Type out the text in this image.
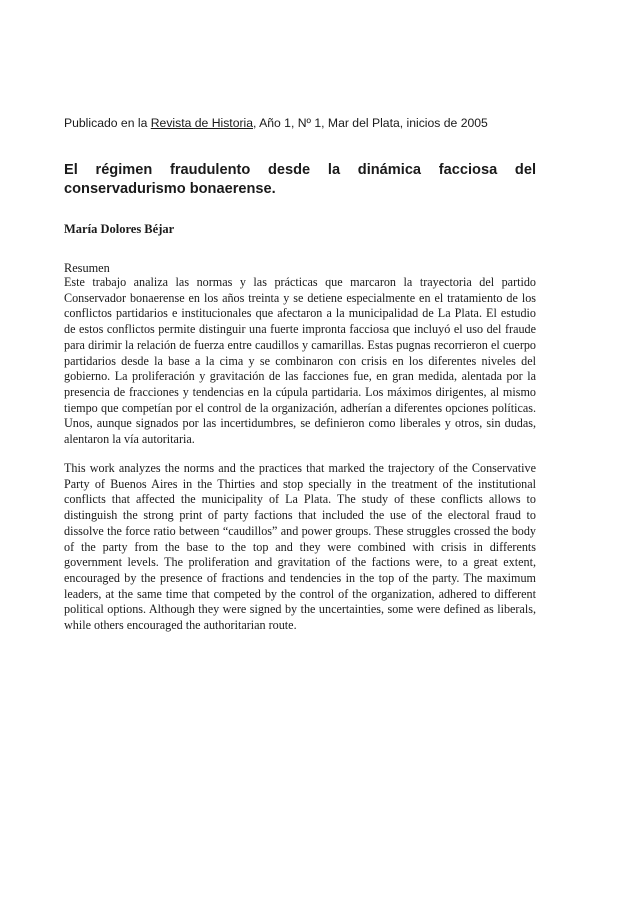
Publicado en la Revista de Historia, Año 1, Nº 1, Mar del Plata, inicios de 2005
El régimen fraudulento desde la dinámica facciosa del conservadurismo bonaerense.
María Dolores Béjar
Resumen

Este trabajo analiza las normas y las prácticas que marcaron la trayectoria del partido Conservador bonaerense en los años treinta y se detiene especialmente en el tratamiento de los conflictos partidarios e institucionales que afectaron a la municipalidad de La Plata. El estudio de estos conflictos permite distinguir una fuerte impronta facciosa que incluyó el uso del fraude para dirimir la relación de fuerza entre caudillos y camarillas. Estas pugnas recorrieron el cuerpo partidarios desde la base a la cima y se combinaron con crisis en los diferentes niveles del gobierno. La proliferación y gravitación de las facciones fue, en gran medida, alentada por la presencia de fracciones y tendencias en la cúpula partidaria. Los máximos dirigentes, al mismo tiempo que competían por el control de la organización, adherían a diferentes opciones políticas. Unos, aunque signados por las incertidumbres, se definieron como liberales y otros, sin dudas, alentaron la vía autoritaria.

This work analyzes the norms and the practices that marked the trajectory of the Conservative Party of Buenos Aires in the Thirties and stop specially in the treatment of the institutional conflicts that affected the municipality of La Plata. The study of these conflicts allows to distinguish the strong print of party factions that included the use of the electoral fraud to dissolve the force ratio between “caudillos” and power groups. These struggles crossed the body of the party from the base to the top and they were combined with crisis in differents government levels. The proliferation and gravitation of the factions were, to a great extent, encouraged by the presence of fractions and tendencies in the top of the party. The maximum leaders, at the same time that competed by the control of the organization, adhered to different political options. Although they were signed by the uncertainties, some were defined as liberals, while others encouraged the authoritarian route.
